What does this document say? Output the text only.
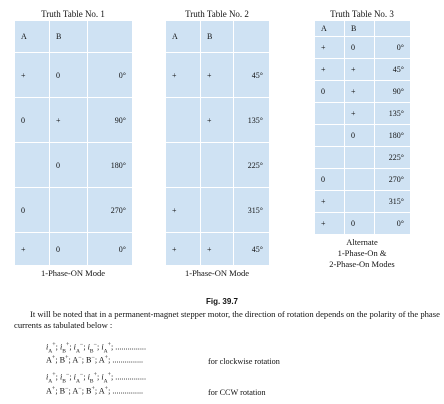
Truth Table No. 1
A	B	
+	0	0°
0	+	90°
	0	180°
0		270°
+	0	0°
1-Phase-ON Mode
Truth Table No. 2
A	B	
+	+	45°
	+	135°
		225°
+		315°
+	+	45°
1-Phase-ON Mode
Truth Table No. 3
A	B	
+	0	0°
+	+	45°
0	+	90°
	+	135°
	0	180°
		225°
0		270°
+		315°
+	0	0°
Alternate
1-Phase-On &
2-Phase-On Modes
Fig. 39.7
It will be noted that in a permanent-magnet stepper motor, the direction of rotation depends on the polarity of the phase currents as tabulated below :
$i_A^+$; $i_B^+$; $i_A^-$; $i_B^-$; $i_A^+$; ...............
A+; B+; A−; B−; A+; ...............	for clockwise rotation
$i_A^+$; $i_B^-$; $i_A^-$; $i_B^+$; $i_A^+$; ...............
A+; B−; A−; B+; A+; ...............	for CCW rotation
